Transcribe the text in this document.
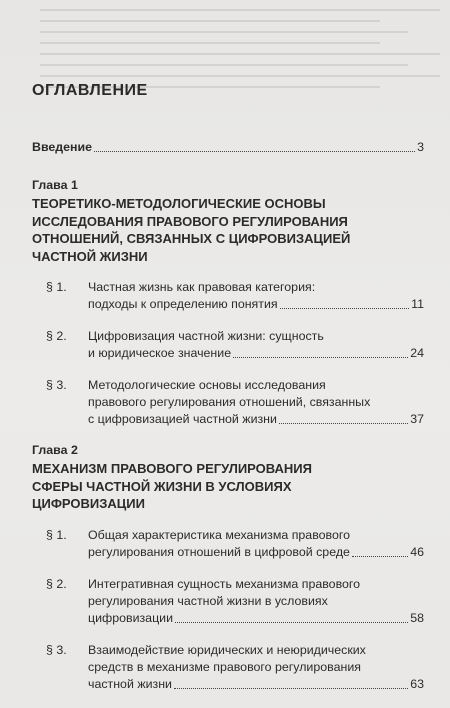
ОГЛАВЛЕНИЕ
Введение	3
Глава 1
ТЕОРЕТИКО-МЕТОДОЛОГИЧЕСКИЕ ОСНОВЫ
ИССЛЕДОВАНИЯ ПРАВОВОГО РЕГУЛИРОВАНИЯ
ОТНОШЕНИЙ, СВЯЗАННЫХ С ЦИФРОВИЗАЦИЕЙ
ЧАСТНОЙ ЖИЗНИ
§ 1.	Частная жизнь как правовая категория:
подходы к определению понятия	11
§ 2.	Цифровизация частной жизни: сущность
и юридическое значение	24
§ 3.	Методологические основы исследования
правового регулирования отношений, связанных
с цифровизацией частной жизни	37
Глава 2
МЕХАНИЗМ ПРАВОВОГО РЕГУЛИРОВАНИЯ
СФЕРЫ ЧАСТНОЙ ЖИЗНИ В УСЛОВИЯХ
ЦИФРОВИЗАЦИИ
§ 1.	Общая характеристика механизма правового
регулирования отношений в цифровой среде	46
§ 2.	Интегративная сущность механизма правового
регулирования частной жизни в условиях
цифровизации	58
§ 3.	Взаимодействие юридических и неюридических
средств в механизме правового регулирования
частной жизни	63
